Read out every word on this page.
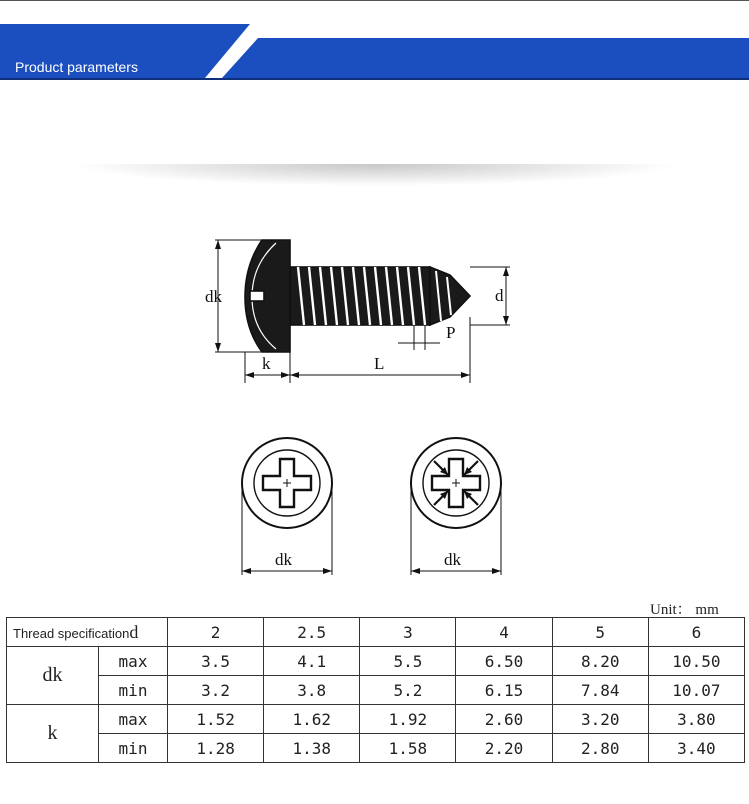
Product parameters
dk	d
P
k	L
dk	dk
Unit： mm
Thread specificationd		2	2.5	3	4	5	6
dk	max	3.5	4.1	5.5	6.50	8.20	10.50
	min	3.2	3.8	5.2	6.15	7.84	10.07
k	max	1.52	1.62	1.92	2.60	3.20	3.80
	min	1.28	1.38	1.58	2.20	2.80	3.40
